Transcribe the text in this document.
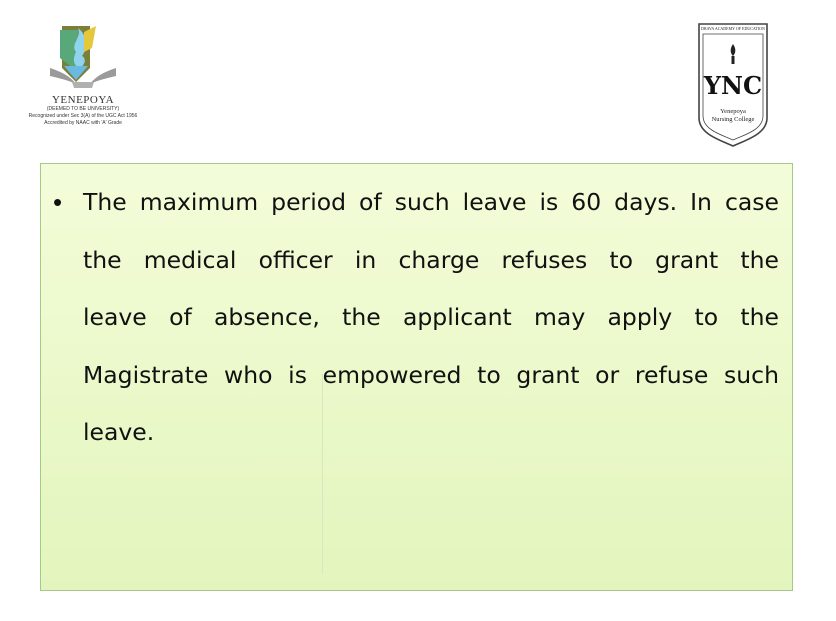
YENEPOYA
(DEEMED TO BE UNIVERSITY)
Recognized under Sec 3(A) of the UGC Act 1956
Accredited by NAAC with 'A' Grade
YNC
DRAVA ACADEMY OF EDUCATION
Yenepoya
Nursing College
• The maximum period of such leave is 60 days. In case
the medical officer in charge refuses to grant the
leave of absence, the applicant may apply to the
Magistrate who is empowered to grant or refuse such
leave.
